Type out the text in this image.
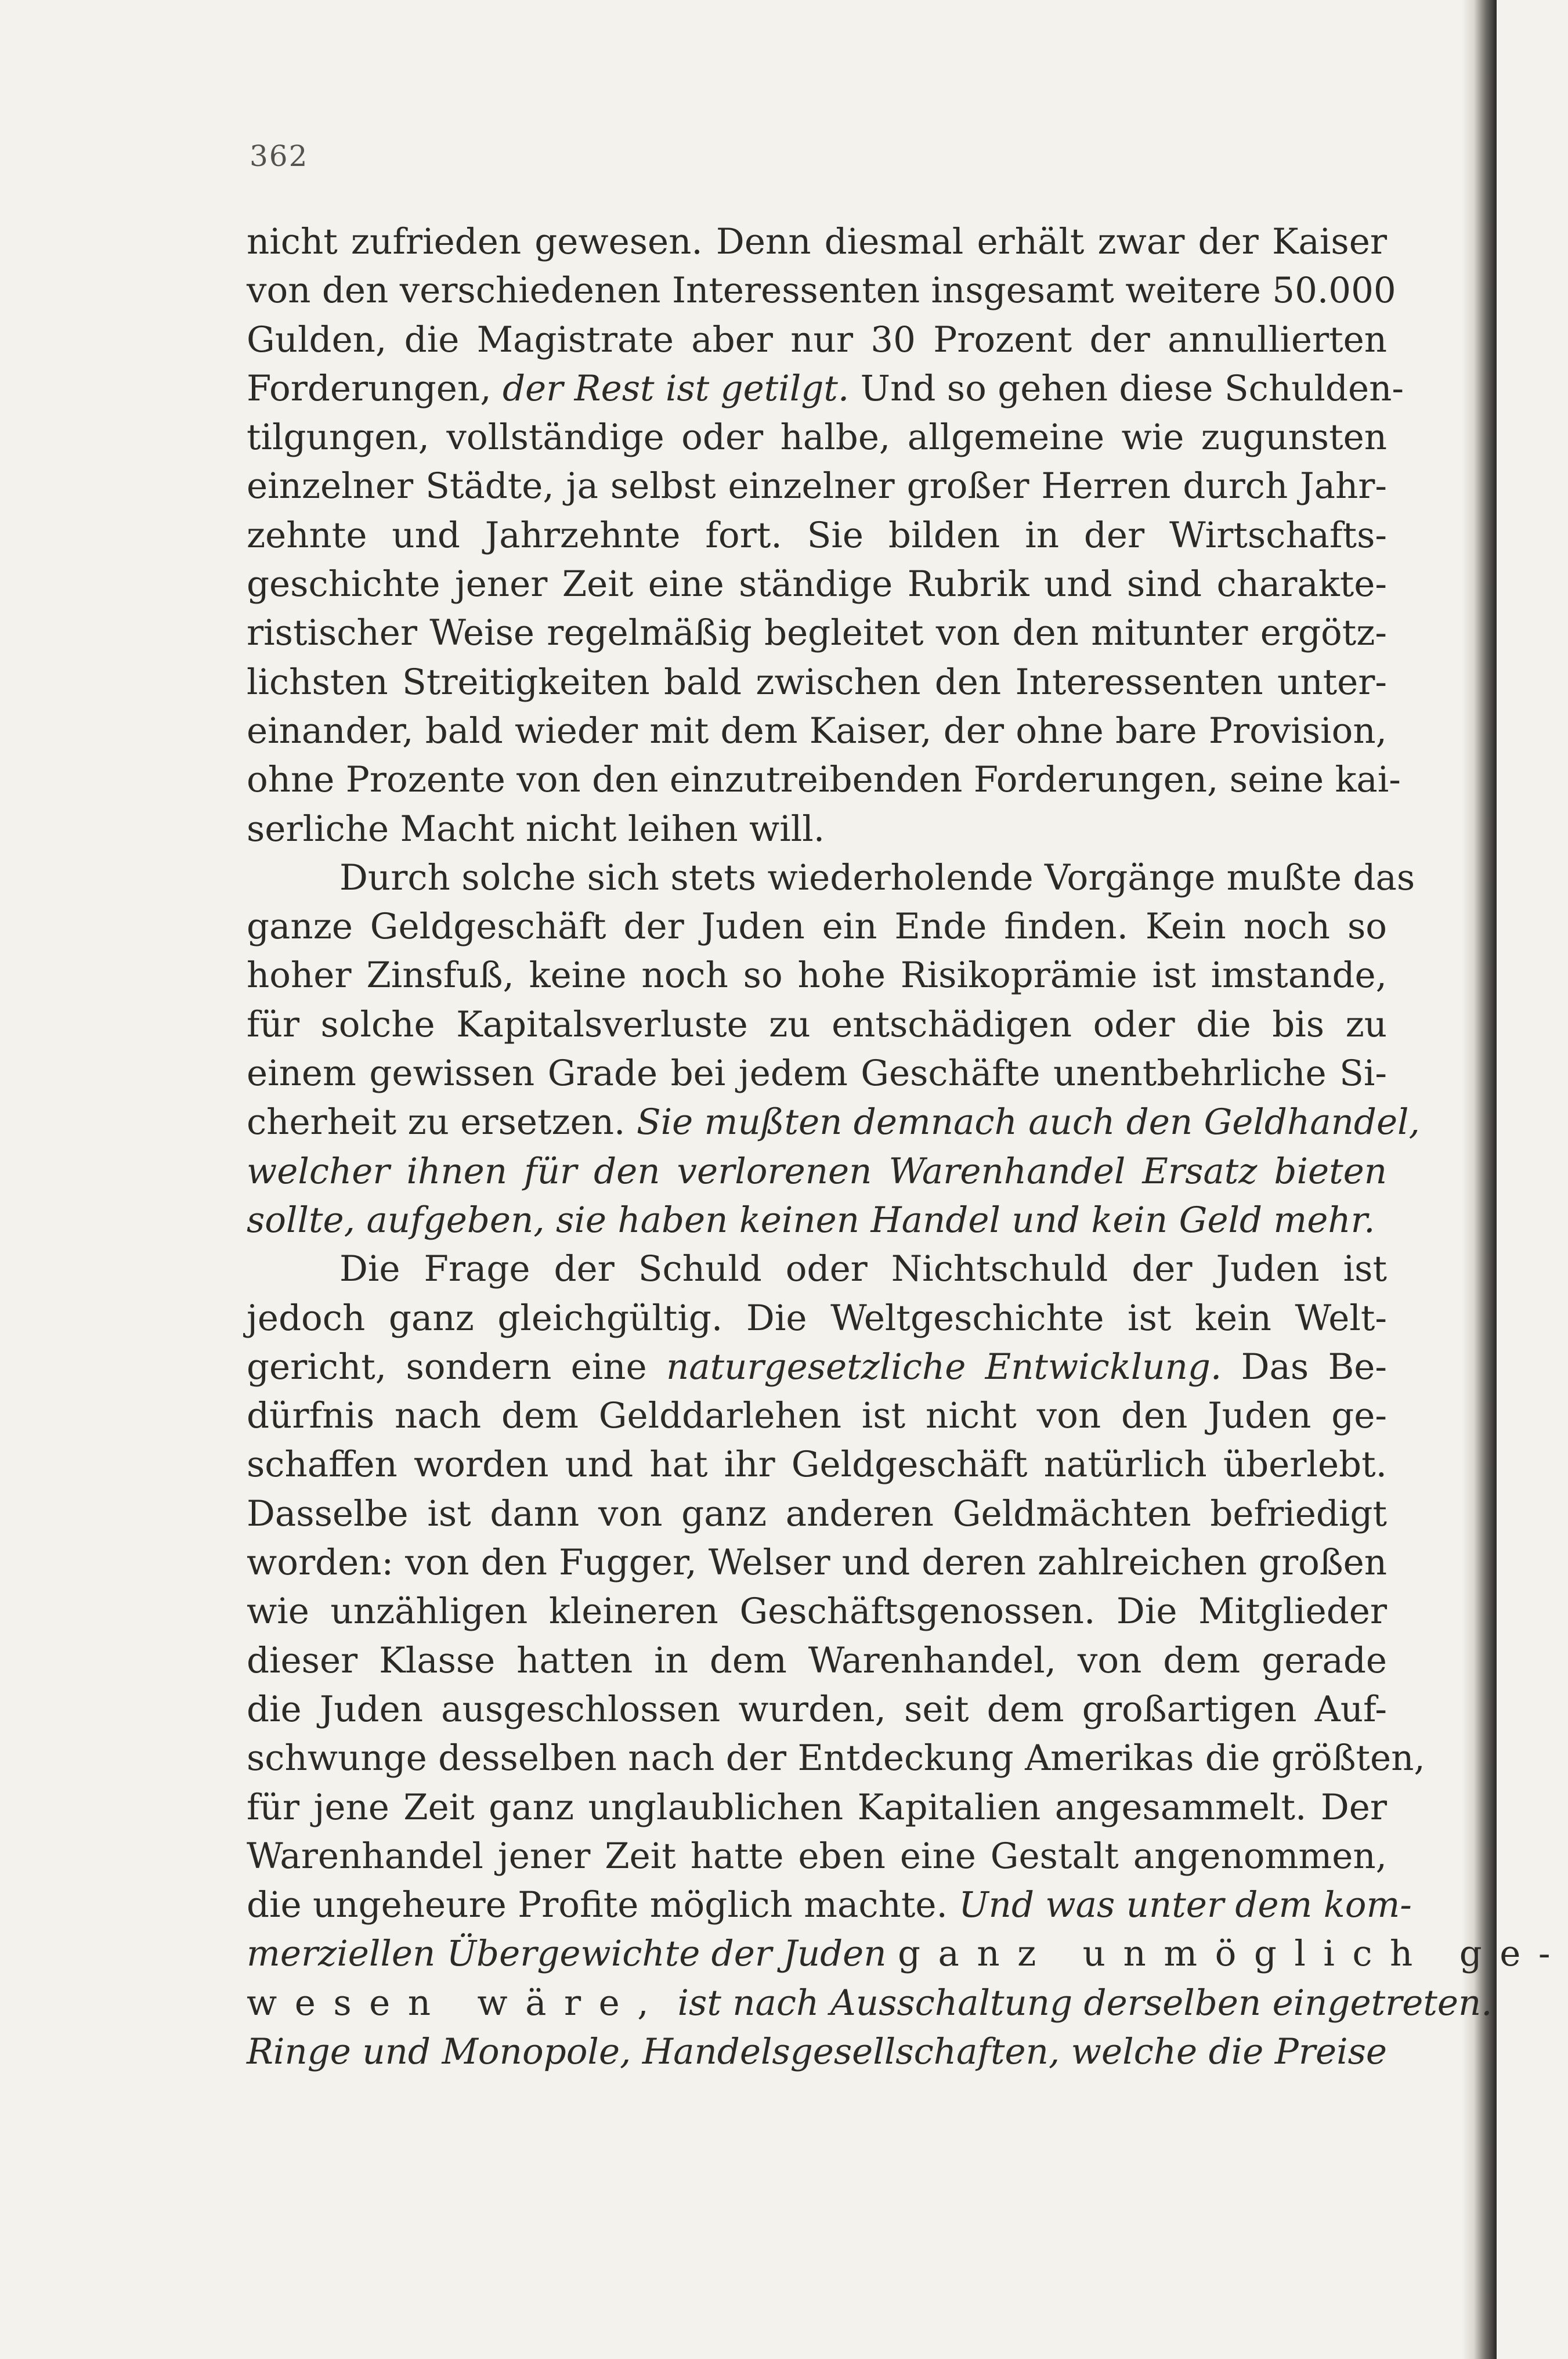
362
nicht zufrieden gewesen. Denn diesmal erhält zwar der Kaiser
von den verschiedenen Interessenten insgesamt weitere 50.000
Gulden, die Magistrate aber nur 30 Prozent der annullierten
Forderungen, der Rest ist getilgt. Und so gehen diese Schulden-
tilgungen, vollständige oder halbe, allgemeine wie zugunsten
einzelner Städte, ja selbst einzelner großer Herren durch Jahr-
zehnte und Jahrzehnte fort. Sie bilden in der Wirtschafts-
geschichte jener Zeit eine ständige Rubrik und sind charakte-
ristischer Weise regelmäßig begleitet von den mitunter ergötz-
lichsten Streitigkeiten bald zwischen den Interessenten unter-
einander, bald wieder mit dem Kaiser, der ohne bare Provision,
ohne Prozente von den einzutreibenden Forderungen, seine kai-
serliche Macht nicht leihen will.
Durch solche sich stets wiederholende Vorgänge mußte das
ganze Geldgeschäft der Juden ein Ende finden. Kein noch so
hoher Zinsfuß, keine noch so hohe Risikoprämie ist imstande,
für solche Kapitalsverluste zu entschädigen oder die bis zu
einem gewissen Grade bei jedem Geschäfte unentbehrliche Si-
cherheit zu ersetzen. Sie mußten demnach auch den Geldhandel,
welcher ihnen für den verlorenen Warenhandel Ersatz bieten
sollte, aufgeben, sie haben keinen Handel und kein Geld mehr.
Die Frage der Schuld oder Nichtschuld der Juden ist
jedoch ganz gleichgültig. Die Weltgeschichte ist kein Welt-
gericht, sondern eine naturgesetzliche Entwicklung. Das Be-
dürfnis nach dem Gelddarlehen ist nicht von den Juden ge-
schaffen worden und hat ihr Geldgeschäft natürlich überlebt.
Dasselbe ist dann von ganz anderen Geldmächten befriedigt
worden: von den Fugger, Welser und deren zahlreichen großen
wie unzähligen kleineren Geschäftsgenossen. Die Mitglieder
dieser Klasse hatten in dem Warenhandel, von dem gerade
die Juden ausgeschlossen wurden, seit dem großartigen Auf-
schwunge desselben nach der Entdeckung Amerikas die größten,
für jene Zeit ganz unglaublichen Kapitalien angesammelt. Der
Warenhandel jener Zeit hatte eben eine Gestalt angenommen,
die ungeheure Profite möglich machte. Und was unter dem kom-
merziellen Übergewichte der Juden ganz unmöglich ge-
wesen wäre, ist nach Ausschaltung derselben eingetreten.
Ringe und Monopole, Handelsgesellschaften, welche die Preise
